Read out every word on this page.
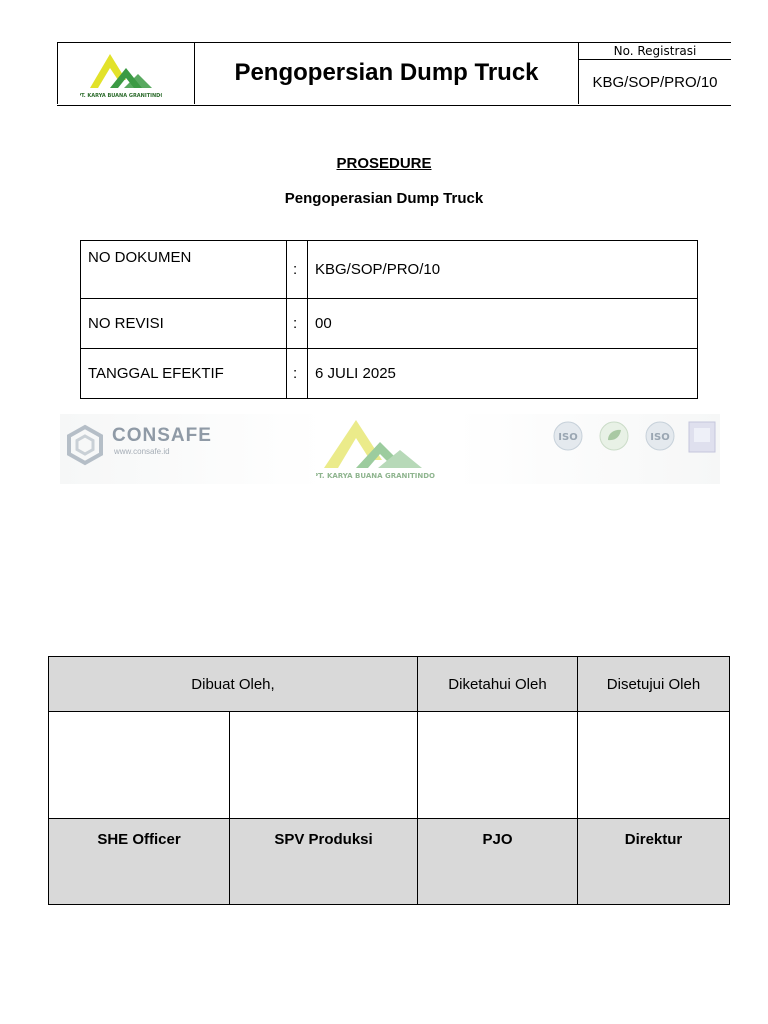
PT. KARYA BUANA GRANITINDO
Pengopersian Dump Truck
No. Registrasi
KBG/SOP/PRO/10
PROSEDURE
Pengoperasian Dump Truck
NO DOKUMEN	:	KBG/SOP/PRO/10
NO REVISI	:	00
TANGGAL EFEKTIF	:	6 JULI 2025
CONSAFE
www.consafe.id
PT. KARYA BUANA GRANITINDO
ISO	ISO
Dibuat Oleh,		Diketahui Oleh	Disetujui Oleh

SHE Officer	SPV Produksi	PJO	Direktur
